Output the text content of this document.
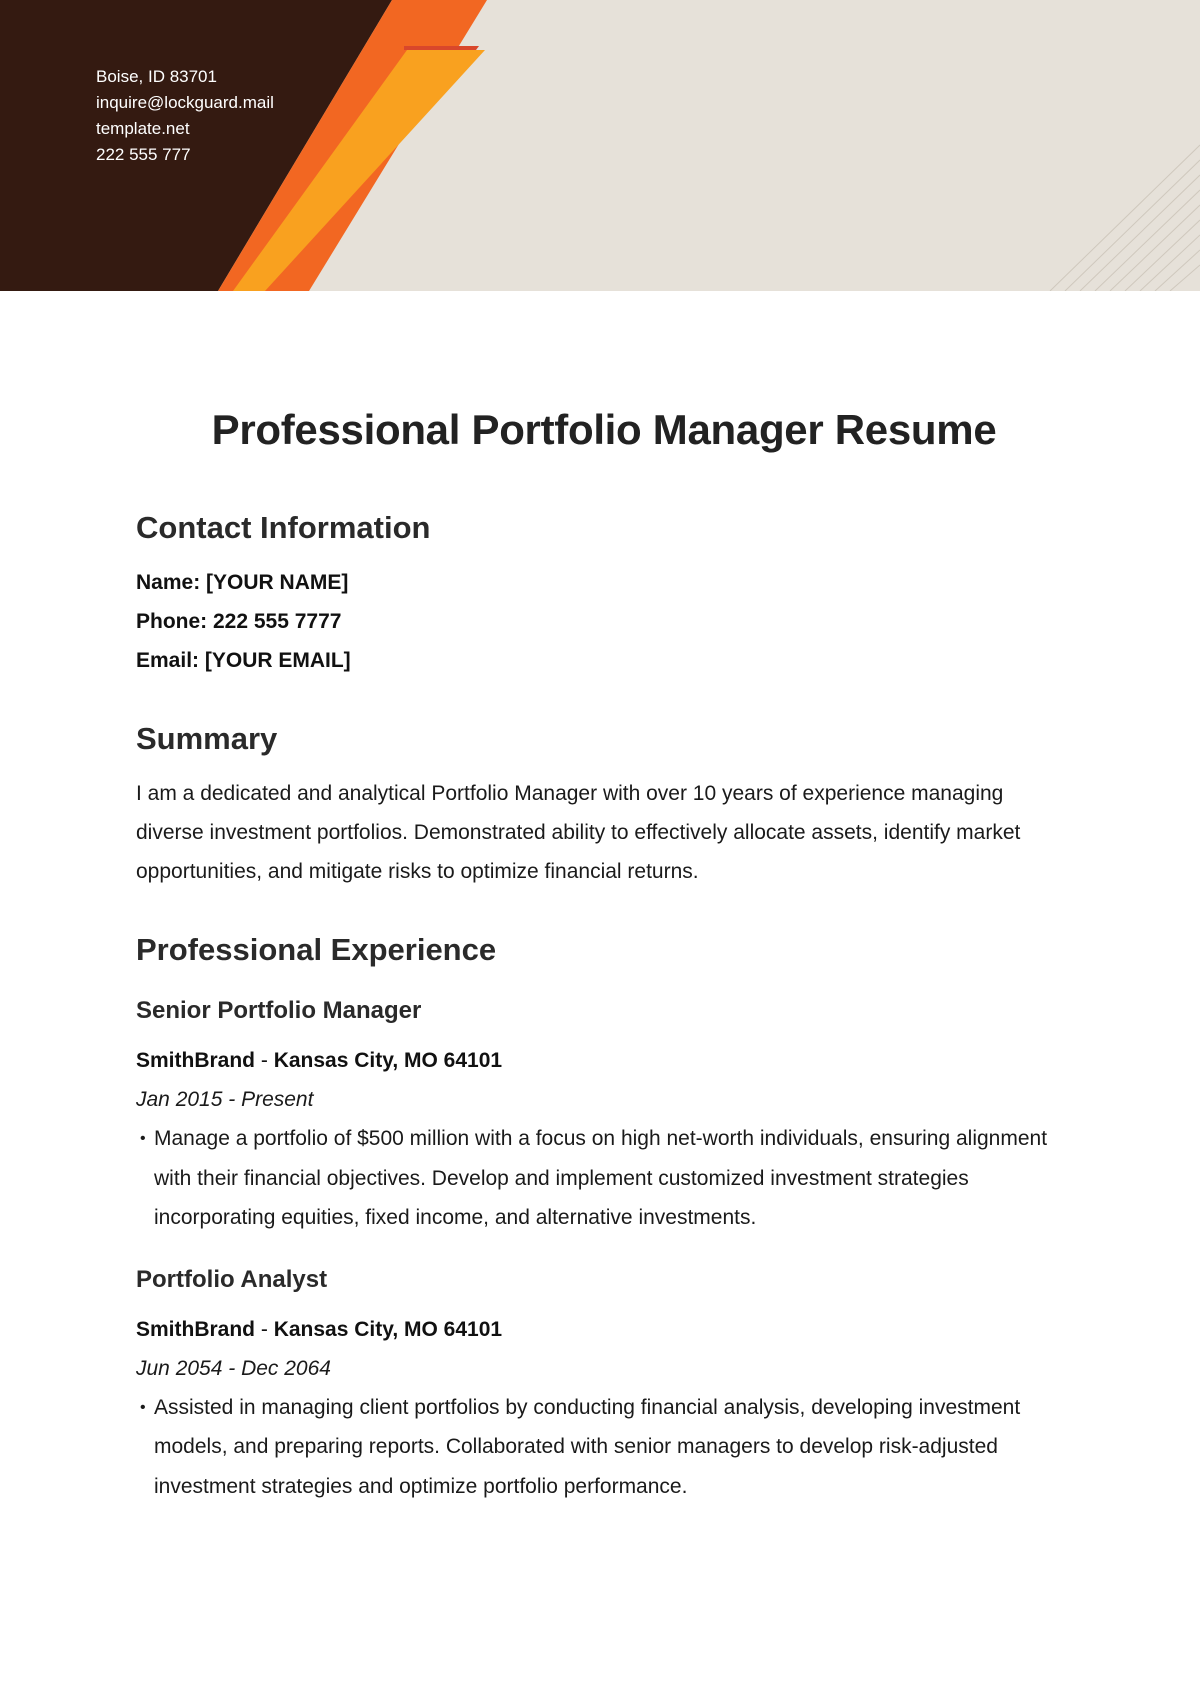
Boise, ID 83701
inquire@lockguard.mail
template.net
222 555 777
Professional Portfolio Manager Resume
Contact Information

Name: [YOUR NAME]

Phone: 222 555 7777

Email: [YOUR EMAIL]

Summary

I am a dedicated and analytical Portfolio Manager with over 10 years of experience managing diverse investment portfolios. Demonstrated ability to effectively allocate assets, identify market opportunities, and mitigate risks to optimize financial returns.

Professional Experience
Senior Portfolio Manager

SmithBrand - Kansas City, MO 64101

Jan 2015 - Present

• Manage a portfolio of $500 million with a focus on high net-worth individuals, ensuring alignment with their financial objectives. Develop and implement customized investment strategies incorporating equities, fixed income, and alternative investments.
Portfolio Analyst

SmithBrand - Kansas City, MO 64101

Jun 2054 - Dec 2064

• Assisted in managing client portfolios by conducting financial analysis, developing investment models, and preparing reports. Collaborated with senior managers to develop risk-adjusted investment strategies and optimize portfolio performance.
